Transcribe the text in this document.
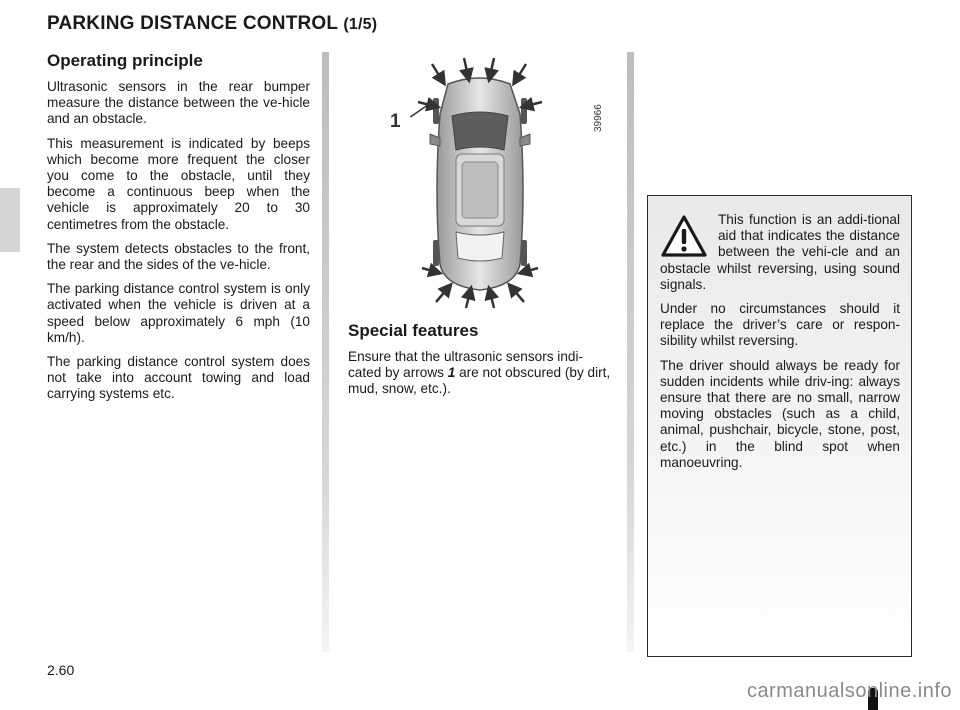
PARKING DISTANCE CONTROL (1/5)
Operating principle

Ultrasonic sensors in the rear bumper measure the distance between the ve-hicle and an obstacle.

This measurement is indicated by beeps which become more frequent the closer you come to the obstacle, until they become a continuous beep when the vehicle is approximately 20 to 30 centimetres from the obstacle.

The system detects obstacles to the front, the rear and the sides of the ve-hicle.

The parking distance control system is only activated when the vehicle is driven at a speed below approximately 6 mph (10 km/h).

The parking distance control system does not take into account towing and load carrying systems etc.

1	39966
Special features

Ensure that the ultrasonic sensors indi-cated by arrows 1 are not obscured (by dirt, mud, snow, etc.).

This function is an addi-tional aid that indicates the distance between the vehi-cle and an obstacle whilst reversing, using sound signals.

Under no circumstances should it replace the driver’s care or respon-sibility whilst reversing.

The driver should always be ready for sudden incidents while driv-ing: always ensure that there are no small, narrow moving obstacles (such as a child, animal, pushchair, bicycle, stone, post, etc.) in the blind spot when manoeuvring.

2.60
carmanualsonline.info
